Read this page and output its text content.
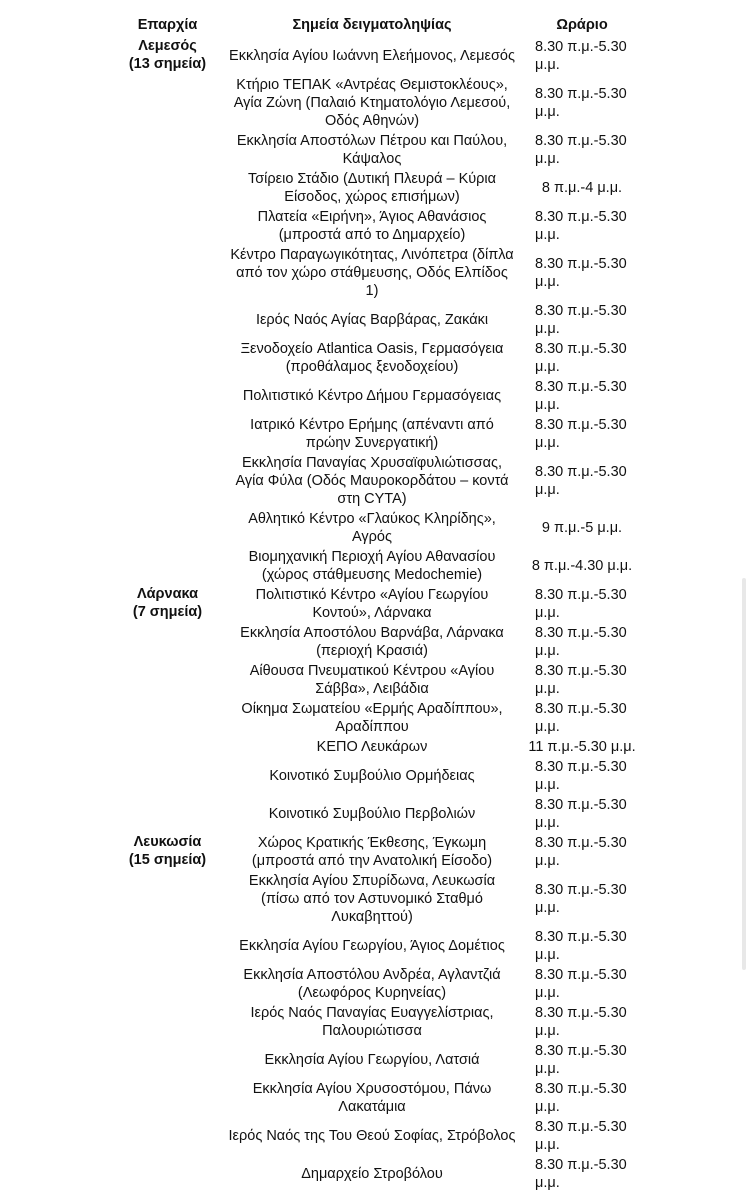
Επαρχία	Σημεία δειγματοληψίας	Ωράριο

Λεμεσός
(13 σημεία)	Εκκλησία Αγίου Ιωάννη Ελεήμονος, Λεμεσός	8.30 π.μ.-5.30 μ.μ.
	Κτήριο ΤΕΠΑΚ «Αντρέας Θεμιστοκλέους», Αγία Ζώνη (Παλαιό Κτηματολόγιο Λεμεσού, Οδός Αθηνών)	8.30 π.μ.-5.30 μ.μ.
	Εκκλησία Αποστόλων Πέτρου και Παύλου, Κάψαλος	8.30 π.μ.-5.30 μ.μ.
	Τσίρειο Στάδιο (Δυτική Πλευρά – Κύρια Είσοδος, χώρος επισήμων)	8 π.μ.-4 μ.μ.
	Πλατεία «Ειρήνη», Άγιος Αθανάσιος (μπροστά από το Δημαρχείο)	8.30 π.μ.-5.30 μ.μ.
	Κέντρο Παραγωγικότητας, Λινόπετρα (δίπλα από τον χώρο στάθμευσης, Οδός Ελπίδος 1)	8.30 π.μ.-5.30 μ.μ.
	Ιερός Ναός Αγίας Βαρβάρας, Ζακάκι	8.30 π.μ.-5.30 μ.μ.
	Ξενοδοχείο Atlantica Oasis, Γερμασόγεια (προθάλαμος ξενοδοχείου)	8.30 π.μ.-5.30 μ.μ.
	Πολιτιστικό Κέντρο Δήμου Γερμασόγειας	8.30 π.μ.-5.30 μ.μ.
	Ιατρικό Κέντρο Ερήμης (απέναντι από πρώην Συνεργατική)	8.30 π.μ.-5.30 μ.μ.
	Εκκλησία Παναγίας Χρυσαϊφυλιώτισσας, Αγία Φύλα (Οδός Μαυροκορδάτου – κοντά στη CYTA)	8.30 π.μ.-5.30 μ.μ.
	Αθλητικό Κέντρο «Γλαύκος Κληρίδης», Αγρός	9 π.μ.-5 μ.μ.
	Βιομηχανική Περιοχή Αγίου Αθανασίου (χώρος στάθμευσης Medochemie)	8 π.μ.-4.30 μ.μ.

Λάρνακα
(7 σημεία)	Πολιτιστικό Κέντρο «Αγίου Γεωργίου Κοντού», Λάρνακα	8.30 π.μ.-5.30 μ.μ.
	Εκκλησία Αποστόλου Βαρνάβα, Λάρνακα (περιοχή Κρασιά)	8.30 π.μ.-5.30 μ.μ.
	Αίθουσα Πνευματικού Κέντρου «Αγίου Σάββα», Λειβάδια	8.30 π.μ.-5.30 μ.μ.
	Οίκημα Σωματείου «Ερμής Αραδίππου», Αραδίππου	8.30 π.μ.-5.30 μ.μ.
	ΚΕΠΟ Λευκάρων	11 π.μ.-5.30 μ.μ.
	Κοινοτικό Συμβούλιο Ορμήδειας	8.30 π.μ.-5.30 μ.μ.
	Κοινοτικό Συμβούλιο Περβολιών	8.30 π.μ.-5.30 μ.μ.

Λευκωσία
(15 σημεία)	Χώρος Κρατικής Έκθεσης, Έγκωμη (μπροστά από την Ανατολική Είσοδο)	8.30 π.μ.-5.30 μ.μ.
	Εκκλησία Αγίου Σπυρίδωνα, Λευκωσία (πίσω από τον Αστυνομικό Σταθμό Λυκαβηττού)	8.30 π.μ.-5.30 μ.μ.
	Εκκλησία Αγίου Γεωργίου, Άγιος Δομέτιος	8.30 π.μ.-5.30 μ.μ.
	Εκκλησία Αποστόλου Ανδρέα, Αγλαντζιά (Λεωφόρος Κυρηνείας)	8.30 π.μ.-5.30 μ.μ.
	Ιερός Ναός Παναγίας Ευαγγελίστριας, Παλουριώτισσα	8.30 π.μ.-5.30 μ.μ.
	Εκκλησία Αγίου Γεωργίου, Λατσιά	8.30 π.μ.-5.30 μ.μ.
	Εκκλησία Αγίου Χρυσοστόμου, Πάνω Λακατάμια	8.30 π.μ.-5.30 μ.μ.
	Ιερός Ναός της Του Θεού Σοφίας, Στρόβολος	8.30 π.μ.-5.30 μ.μ.
	Δημαρχείο Στροβόλου	8.30 π.μ.-5.30 μ.μ.
